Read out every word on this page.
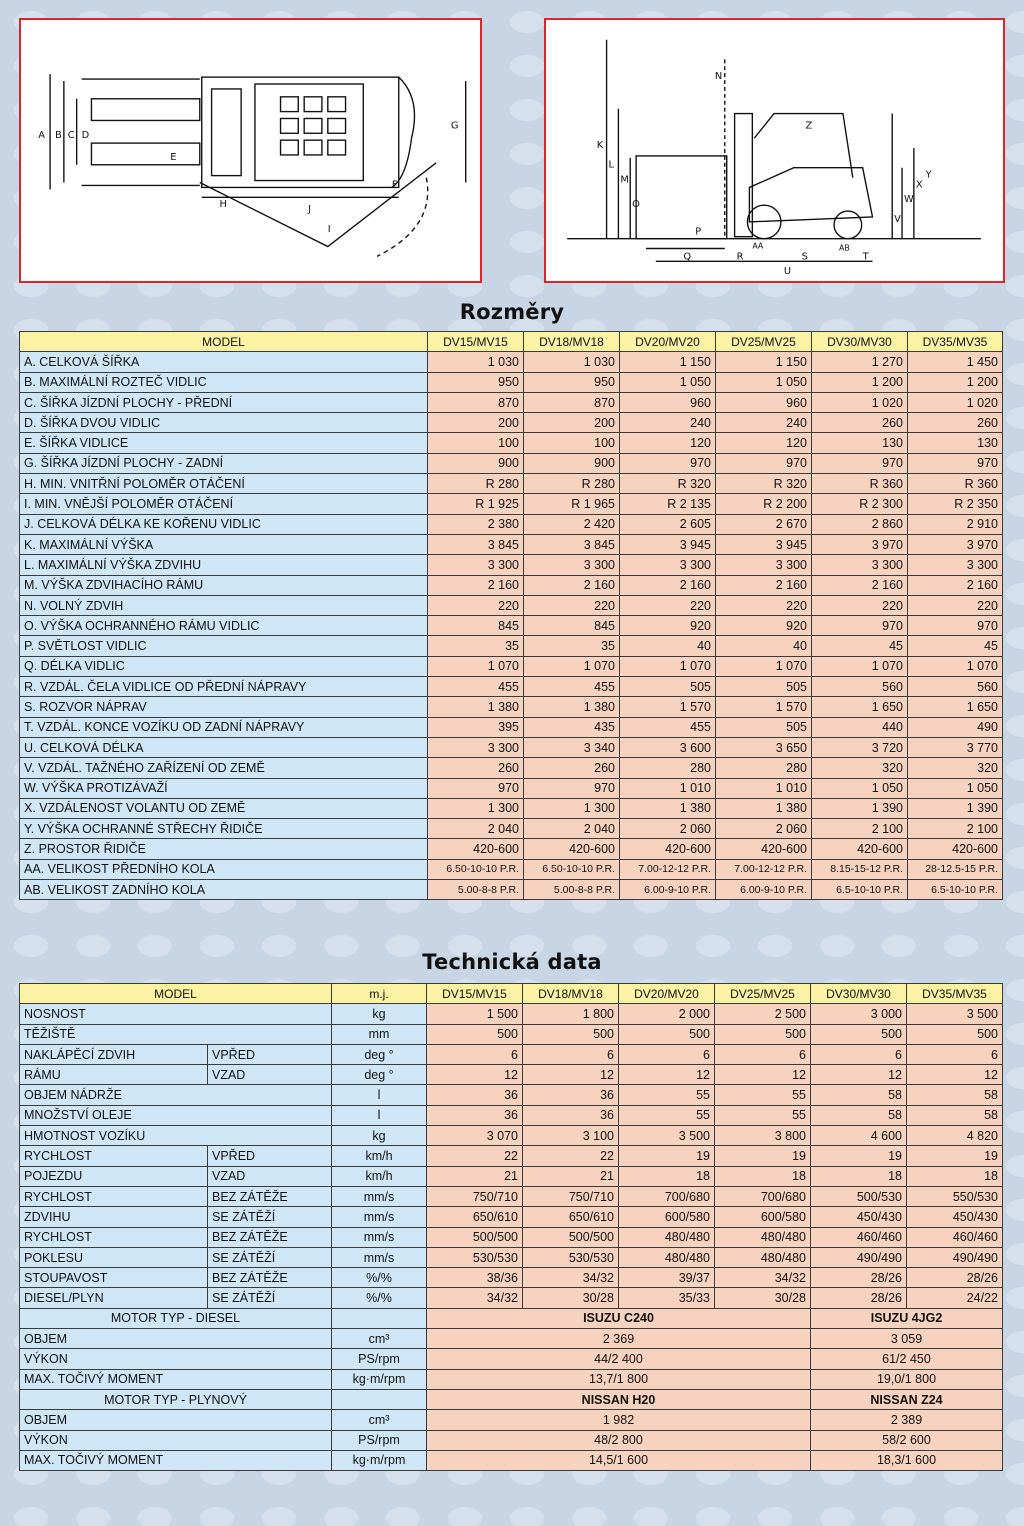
A B C D
E
F
G
H
I
J
K
L
M
N
O
P
Q	R	S	T
U
V
W
X
Y
Z
AA	AB
Rozměry
MODEL	DV15/MV15	DV18/MV18	DV20/MV20	DV25/MV25	DV30/MV30	DV35/MV35
A. CELKOVÁ ŠÍŘKA	1 030	1 030	1 150	1 150	1 270	1 450
B. MAXIMÁLNÍ ROZTEČ VIDLIC	950	950	1 050	1 050	1 200	1 200
C. ŠÍŘKA JÍZDNÍ PLOCHY - PŘEDNÍ	870	870	960	960	1 020	1 020
D. ŠÍŘKA DVOU VIDLIC	200	200	240	240	260	260
E. ŠÍŘKA VIDLICE	100	100	120	120	130	130
G. ŠÍŘKA JÍZDNÍ PLOCHY - ZADNÍ	900	900	970	970	970	970
H. MIN. VNITŘNÍ POLOMĚR OTÁČENÍ	R 280	R 280	R 320	R 320	R 360	R 360
I. MIN. VNĚJŠÍ POLOMĚR OTÁČENÍ	R 1 925	R 1 965	R 2 135	R 2 200	R 2 300	R 2 350
J. CELKOVÁ DÉLKA KE KOŘENU VIDLIC	2 380	2 420	2 605	2 670	2 860	2 910
K. MAXIMÁLNÍ VÝŠKA	3 845	3 845	3 945	3 945	3 970	3 970
L. MAXIMÁLNÍ VÝŠKA ZDVIHU	3 300	3 300	3 300	3 300	3 300	3 300
M. VÝŠKA ZDVIHACÍHO RÁMU	2 160	2 160	2 160	2 160	2 160	2 160
N. VOLNÝ ZDVIH	220	220	220	220	220	220
O. VÝŠKA OCHRANNÉHO RÁMU VIDLIC	845	845	920	920	970	970
P. SVĚTLOST VIDLIC	35	35	40	40	45	45
Q. DÉLKA VIDLIC	1 070	1 070	1 070	1 070	1 070	1 070
R. VZDÁL. ČELA VIDLICE OD PŘEDNÍ NÁPRAVY	455	455	505	505	560	560
S. ROZVOR NÁPRAV	1 380	1 380	1 570	1 570	1 650	1 650
T. VZDÁL. KONCE VOZÍKU OD ZADNÍ NÁPRAVY	395	435	455	505	440	490
U. CELKOVÁ DÉLKA	3 300	3 340	3 600	3 650	3 720	3 770
V. VZDÁL. TAŽNÉHO ZAŘÍZENÍ OD ZEMĚ	260	260	280	280	320	320
W. VÝŠKA PROTIZÁVAŽÍ	970	970	1 010	1 010	1 050	1 050
X. VZDÁLENOST VOLANTU OD ZEMĚ	1 300	1 300	1 380	1 380	1 390	1 390
Y. VÝŠKA OCHRANNÉ STŘECHY ŘIDIČE	2 040	2 040	2 060	2 060	2 100	2 100
Z. PROSTOR ŘIDIČE	420-600	420-600	420-600	420-600	420-600	420-600
AA. VELIKOST PŘEDNÍHO KOLA	6.50-10-10 P.R.	6.50-10-10 P.R.	7.00-12-12 P.R.	7.00-12-12 P.R.	8.15-15-12 P.R.	28-12.5-15 P.R.
AB. VELIKOST ZADNÍHO KOLA	5.00-8-8 P.R.	5.00-8-8 P.R.	6.00-9-10 P.R.	6.00-9-10 P.R.	6.5-10-10 P.R.	6.5-10-10 P.R.
Technická data
MODEL		m.j.	DV15/MV15	DV18/MV18	DV20/MV20	DV25/MV25	DV30/MV30	DV35/MV35
NOSNOST		kg	1 500	1 800	2 000	2 500	3 000	3 500
TĚŽIŠTĚ		mm	500	500	500	500	500	500
NAKLÁPĚCÍ ZDVIH	VPŘED	deg °	6	6	6	6	6	6
RÁMU	VZAD	deg °	12	12	12	12	12	12
OBJEM NÁDRŽE		l	36	36	55	55	58	58
MNOŽSTVÍ OLEJE		l	36	36	55	55	58	58
HMOTNOST VOZÍKU		kg	3 070	3 100	3 500	3 800	4 600	4 820
RYCHLOST	VPŘED	km/h	22	22	19	19	19	19
POJEZDU	VZAD	km/h	21	21	18	18	18	18
RYCHLOST	BEZ ZÁTĚŽE	mm/s	750/710	750/710	700/680	700/680	500/530	550/530
ZDVIHU	SE ZÁTĚŽÍ	mm/s	650/610	650/610	600/580	600/580	450/430	450/430
RYCHLOST	BEZ ZÁTĚŽE	mm/s	500/500	500/500	480/480	480/480	460/460	460/460
POKLESU	SE ZÁTĚŽÍ	mm/s	530/530	530/530	480/480	480/480	490/490	490/490
STOUPAVOST	BEZ ZÁTĚŽE	%/%	38/36	34/32	39/37	34/32	28/26	28/26
DIESEL/PLYN	SE ZÁTĚŽÍ	%/%	34/32	30/28	35/33	30/28	28/26	24/22
MOTOR TYP - DIESEL			ISUZU C240				ISUZU 4JG2	
OBJEM		cm³	2 369				3 059	
VÝKON		PS/rpm	44/2 400				61/2 450	
MAX. TOČIVÝ MOMENT		kg·m/rpm	13,7/1 800				19,0/1 800	
MOTOR TYP - PLYNOVÝ			NISSAN H20				NISSAN Z24	
OBJEM		cm³	1 982				2 389	
VÝKON		PS/rpm	48/2 800				58/2 600	
MAX. TOČIVÝ MOMENT		kg·m/rpm	14,5/1 600				18,3/1 600	
